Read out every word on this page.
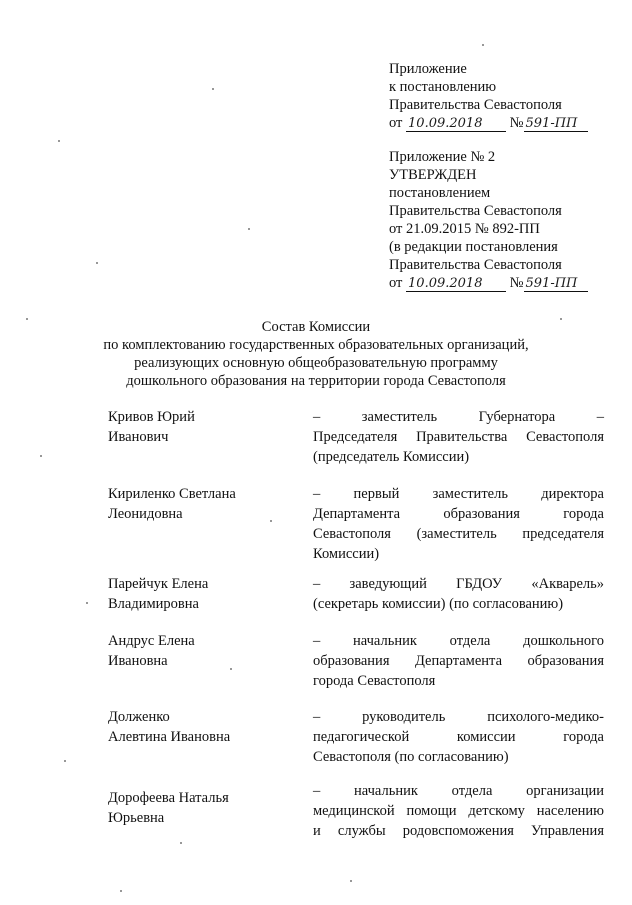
Приложение
к постановлению
Правительства Севастополя
от 10.09.2018 № 591-ПП
Приложение № 2
УТВЕРЖДЕН
постановлением
Правительства Севастополя
от 21.09.2015 № 892-ПП
(в редакции постановления
Правительства Севастополя
от 10.09.2018 № 591-ПП
Состав Комиссии
по комплектованию государственных образовательных организаций,
реализующих основную общеобразовательную программу
дошкольного образования на территории города Севастополя
Кривов Юрий
Иванович
– заместитель Губернатора –
Председателя Правительства Севастополя
(председатель Комиссии)
Кириленко Светлана
Леонидовна
– первый заместитель директора
Департамента образования города
Севастополя (заместитель председателя
Комиссии)
Парейчук Елена
Владимировна
– заведующий ГБДОУ «Акварель»
(секретарь комиссии) (по согласованию)
Андрус Елена
Ивановна
– начальник отдела дошкольного
образования Департамента образования
города Севастополя
Долженко
Алевтина Ивановна
– руководитель психолого-медико-
педагогической комиссии города
Севастополя (по согласованию)
Дорофеева Наталья
Юрьевна
– начальник отдела организации
медицинской помощи детскому населению
и службы родовспоможения Управления
